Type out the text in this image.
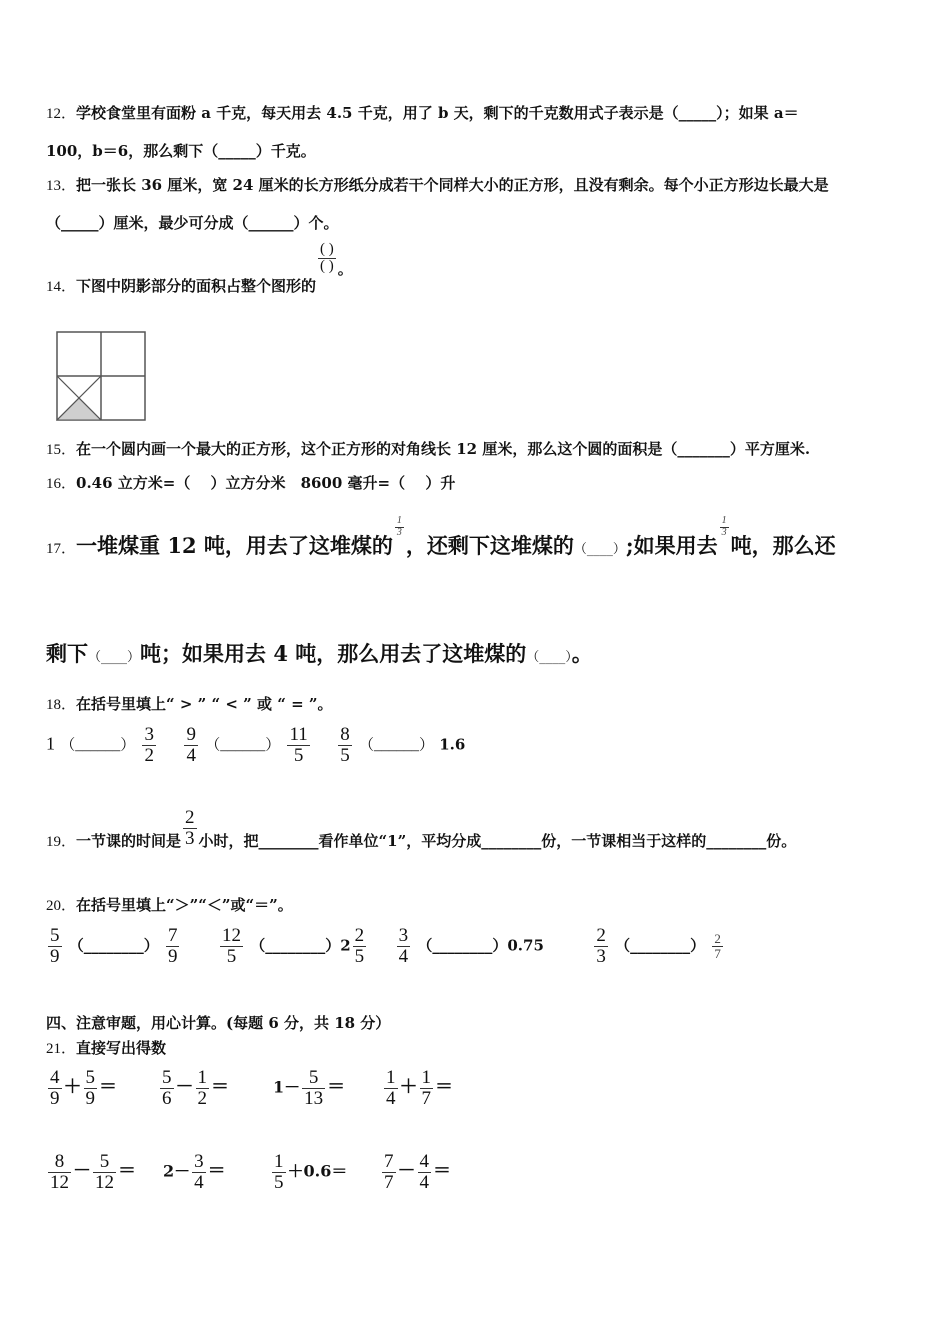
12．学校食堂里有面粉 a 千克，每天用去 4.5 千克，用了 b 天，剩下的千克数用式子表示是（_____）；如果 a＝
100，b＝6，那么剩下（_____）千克。
13．把一张长 36 厘米，宽 24 厘米的长方形纸分成若干个同样大小的正方形，且没有剩余。每个小正方形边长最大是
（_____）厘米，最少可分成（______）个。
14．下图中阴影部分的面积占整个图形的
$\frac{( )}{( )}$ 。
15．在一个圆内画一个最大的正方形，这个正方形的对角线长 12 厘米，那么这个圆的面积是（_______）平方厘米.
16．0.46 立方米=（　 ）立方分米　8600 毫升=（　 ）升
17．一堆煤重 12 吨，用去了这堆煤的
$\frac{1}{3}$
，还剩下这堆煤的（____）;如果用去
$\frac{1}{3}$
吨，那么还
剩下（____）吨；如果用去 4 吨，那么用去了这堆煤的（____）。
18．在括号里填上“ > ” “ < ” 或 “ = ”。
1 （______） $\frac{3}{2}$
$\frac{9}{4}$ （______） $\frac{11}{5}$
$\frac{8}{5}$ （______） 1.6
19．一节课的时间是 $\frac{2}{3}$ 小时，把________看作单位“1”，平均分成________份，一节课相当于这样的________份。
20．在括号里填上“＞”“＜”或“＝”。
$\frac{5}{9}$ （________） $\frac{7}{9}$
$\frac{12}{5}$ （________）2 $\frac{2}{5}$
$\frac{3}{4}$ （________）0.75	$\frac{2}{3}$ （________） $\frac{2}{7}$
四、注意审题，用心计算。(每题 6 分，共 18 分）
21．直接写出得数
$\frac{4}{9} + \frac{5}{9} = \frac{5}{6} - \frac{1}{2}$ ＝	$1- \frac{5}{13} = \frac{1}{4} + \frac{1}{7}$ ＝
$\frac{8}{12} - \frac{5}{12} = 2- \frac{3}{4} = \frac{1}{5} +0.6= \frac{7}{7} - \frac{4}{4}$ ＝
